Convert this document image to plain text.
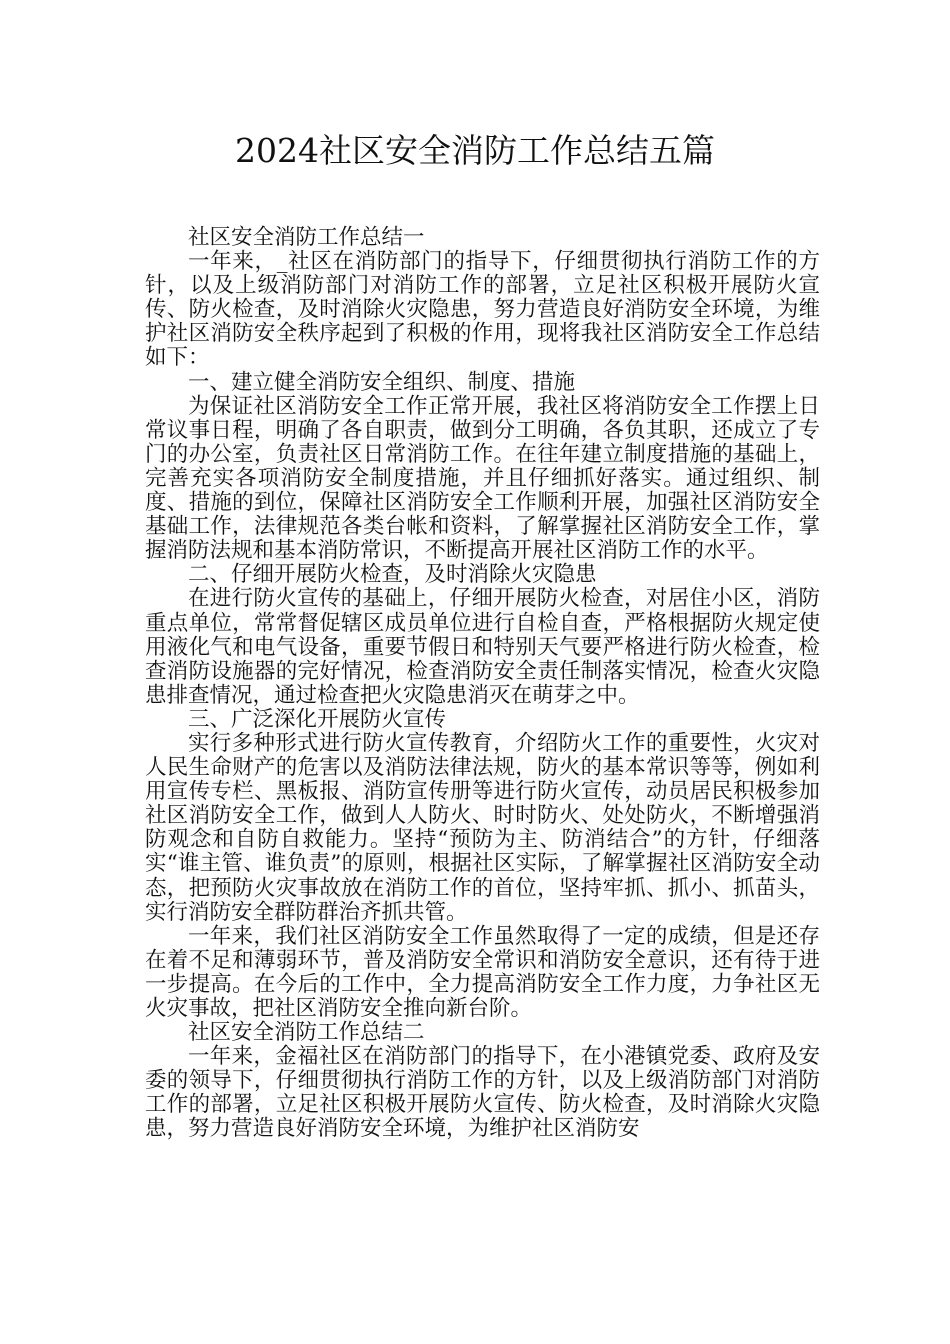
2024社区安全消防工作总结五篇

社区安全消防工作总结一

一年来，_社区在消防部门的指导下，仔细贯彻执行消防工作的方针，以及上级消防部门对消防工作的部署，立足社区积极开展防火宣传、防火检查，及时消除火灾隐患，努力营造良好消防安全环境，为维护社区消防安全秩序起到了积极的作用，现将我社区消防安全工作总结如下：

一、建立健全消防安全组织、制度、措施

为保证社区消防安全工作正常开展，我社区将消防安全工作摆上日常议事日程，明确了各自职责，做到分工明确，各负其职，还成立了专门的办公室，负责社区日常消防工作。在往年建立制度措施的基础上，完善充实各项消防安全制度措施，并且仔细抓好落实。通过组织、制度、措施的到位，保障社区消防安全工作顺利开展，加强社区消防安全基础工作，法律规范各类台帐和资料，了解掌握社区消防安全工作，掌握消防法规和基本消防常识，不断提高开展社区消防工作的水平。

二、仔细开展防火检查，及时消除火灾隐患

在进行防火宣传的基础上，仔细开展防火检查，对居住小区，消防重点单位，常常督促辖区成员单位进行自检自查，严格根据防火规定使用液化气和电气设备，重要节假日和特别天气要严格进行防火检查，检查消防设施器的完好情况，检查消防安全责任制落实情况，检查火灾隐患排查情况，通过检查把火灾隐患消灭在萌芽之中。

三、广泛深化开展防火宣传

实行多种形式进行防火宣传教育，介绍防火工作的重要性，火灾对人民生命财产的危害以及消防法律法规，防火的基本常识等等，例如利用宣传专栏、黑板报、消防宣传册等进行防火宣传，动员居民积极参加社区消防安全工作，做到人人防火、时时防火、处处防火，不断增强消防观念和自防自救能力。坚持“预防为主、防消结合”的方针，仔细落实“谁主管、谁负责”的原则，根据社区实际，了解掌握社区消防安全动态，把预防火灾事故放在消防工作的首位，坚持牢抓、抓小、抓苗头，实行消防安全群防群治齐抓共管。

一年来，我们社区消防安全工作虽然取得了一定的成绩，但是还存在着不足和薄弱环节，普及消防安全常识和消防安全意识，还有待于进一步提高。在今后的工作中，全力提高消防安全工作力度，力争社区无火灾事故，把社区消防安全推向新台阶。

社区安全消防工作总结二

一年来，金福社区在消防部门的指导下，在小港镇党委、政府及安委的领导下，仔细贯彻执行消防工作的方针，以及上级消防部门对消防工作的部署，立足社区积极开展防火宣传、防火检查，及时消除火灾隐患，努力营造良好消防安全环境，为维护社区消防安
